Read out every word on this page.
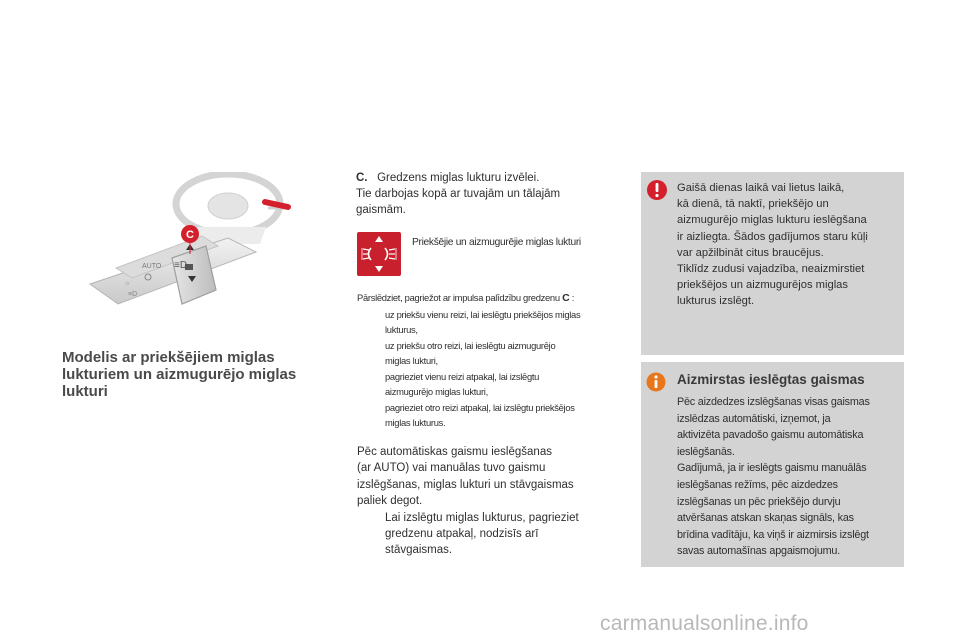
≡D
AUTO
☼
≡D
C
Modelis ar priekšējiem miglas lukturiem un aizmugurējo miglas lukturi
C. Gredzens miglas lukturu izvēlei.
Tie darbojas kopā ar tuvajām un tālajām
gaismām.
Priekšējie un aizmugurējie miglas lukturi
Pārslēdziet, pagriežot ar impulsa palīdzību gredzenu C :
uz priekšu vienu reizi, lai ieslēgtu priekšējos miglas
lukturus,
uz priekšu otro reizi, lai ieslēgtu aizmugurējo
miglas lukturi,
pagrieziet vienu reizi atpakaļ, lai izslēgtu
aizmugurējo miglas lukturi,
pagrieziet otro reizi atpakaļ, lai izslēgtu priekšējos
miglas lukturus.
Pēc automātiskas gaismu ieslēgšanas
(ar AUTO) vai manuālas tuvo gaismu
izslēgšanas, miglas lukturi un stāvgaismas
paliek degot.
Lai izslēgtu miglas lukturus, pagrieziet
gredzenu atpakaļ, nodzisīs arī
stāvgaismas.
Gaišā dienas laikā vai lietus laikā,
kā dienā, tā naktī, priekšējo un
aizmugurējo miglas lukturu ieslēgšana
ir aizliegta. Šādos gadījumos staru kūļi
var apžilbināt citus braucējus.
Tiklīdz zudusi vajadzība, neaizmirstiet
priekšējos un aizmugurējos miglas
lukturus izslēgt.
Aizmirstas ieslēgtas gaismas
Pēc aizdedzes izslēgšanas visas gaismas
izslēdzas automātiski, izņemot, ja
aktivizēta pavadošo gaismu automātiska
ieslēgšanās.
Gadījumā, ja ir ieslēgts gaismu manuālās
ieslēgšanas režīms, pēc aizdedzes
izslēgšanas un pēc priekšējo durvju
atvēršanas atskan skaņas signāls, kas
brīdina vadītāju, ka viņš ir aizmirsis izslēgt
savas automašīnas apgaismojumu.
carmanualsonline.info
